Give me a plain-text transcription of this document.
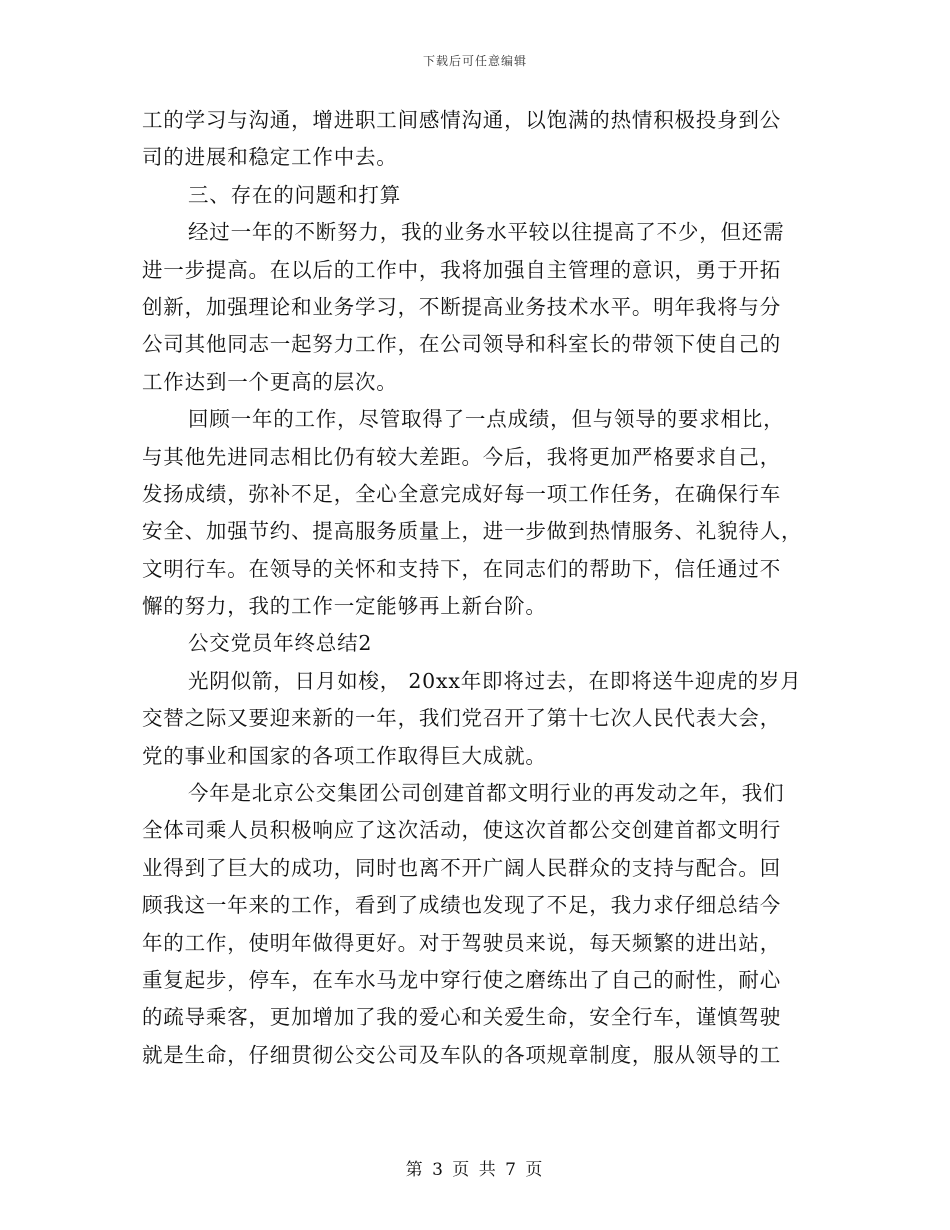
下载后可任意编辑
工的学习与沟通，增进职工间感情沟通，以饱满的热情积极投身到公
司的进展和稳定工作中去。
三、存在的问题和打算
经过一年的不断努力，我的业务水平较以往提高了不少，但还需
进一步提高。在以后的工作中，我将加强自主管理的意识，勇于开拓
创新，加强理论和业务学习，不断提高业务技术水平。明年我将与分
公司其他同志一起努力工作，在公司领导和科室长的带领下使自己的
工作达到一个更高的层次。
回顾一年的工作，尽管取得了一点成绩，但与领导的要求相比，
与其他先进同志相比仍有较大差距。今后，我将更加严格要求自己，
发扬成绩，弥补不足，全心全意完成好每一项工作任务，在确保行车
安全、加强节约、提高服务质量上，进一步做到热情服务、礼貌待人，
文明行车。在领导的关怀和支持下，在同志们的帮助下，信任通过不
懈的努力，我的工作一定能够再上新台阶。
公交党员年终总结2
光阴似箭，日月如梭， 20xx年即将过去，在即将送牛迎虎的岁月
交替之际又要迎来新的一年，我们党召开了第十七次人民代表大会，
党的事业和国家的各项工作取得巨大成就。
今年是北京公交集团公司创建首都文明行业的再发动之年，我们
全体司乘人员积极响应了这次活动，使这次首都公交创建首都文明行
业得到了巨大的成功，同时也离不开广阔人民群众的支持与配合。回
顾我这一年来的工作，看到了成绩也发现了不足，我力求仔细总结今
年的工作，使明年做得更好。对于驾驶员来说，每天频繁的进出站，
重复起步，停车，在车水马龙中穿行使之磨练出了自己的耐性，耐心
的疏导乘客，更加增加了我的爱心和关爱生命，安全行车，谨慎驾驶
就是生命，仔细贯彻公交公司及车队的各项规章制度，服从领导的工
第 3 页 共 7 页
